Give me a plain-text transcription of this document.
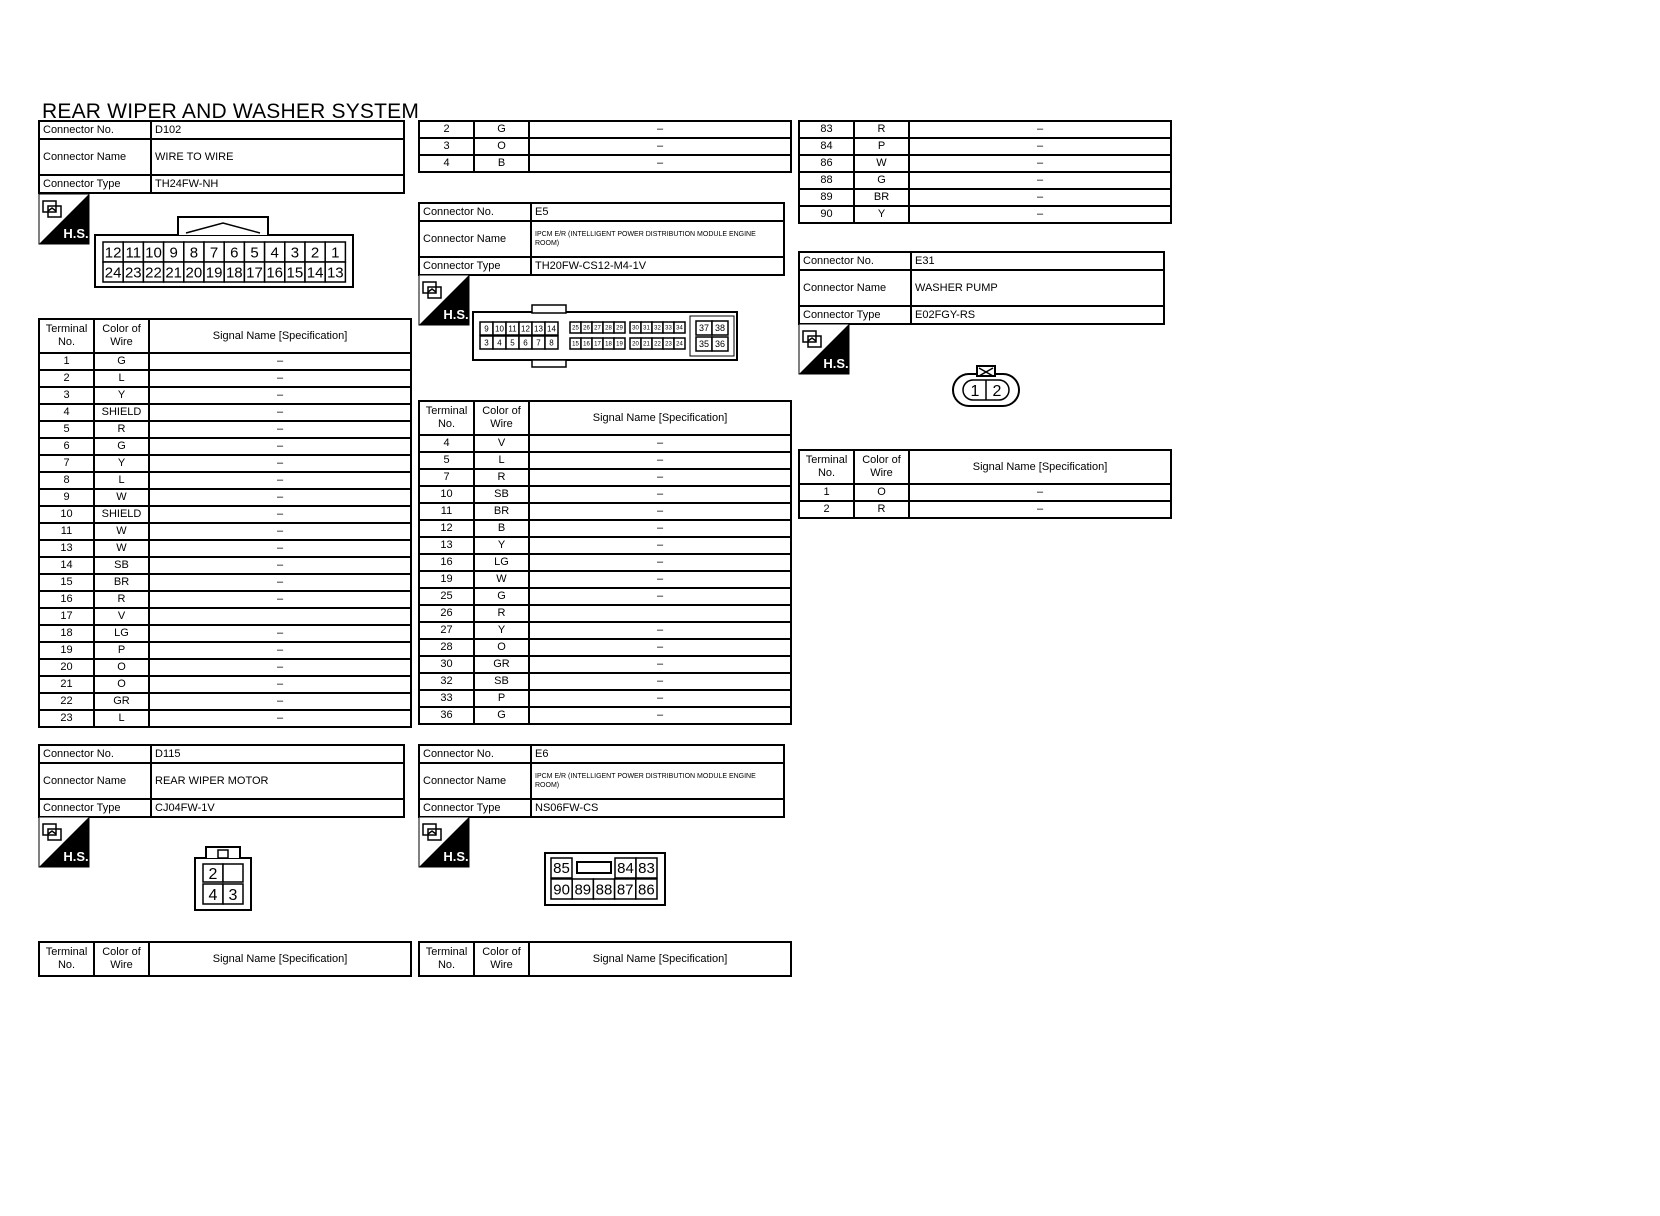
REAR WIPER AND WASHER SYSTEM
Connector No.	D102
Connector Name	WIRE TO WIRE
Connector Type	TH24FW-NH
H.S.
12 11 10 9 8 7 6 5 4 3 2 1
24 23 22 21 20 19 18 17 16 15 14 13
Terminal No.	Color of Wire	Signal Name [Specification]
1	G	–
2	L	–
3	Y	–
4	SHIELD	–
5	R	–
6	G	–
7	Y	–
8	L	–
9	W	–
10	SHIELD	–
11	W	–
13	W	–
14	SB	–
15	BR	–
16	R	–
17	V	
18	LG	–
19	P	–
20	O	–
21	O	–
22	GR	–
23	L	–
Connector No.	D115
Connector Name	REAR WIPER MOTOR
Connector Type	CJ04FW-1V
H.S.
2
4 3
Terminal No.	Color of Wire	Signal Name [Specification]
2	G	–
3	O	–
4	B	–
Connector No.	E5
Connector Name	IPCM E/R (INTELLIGENT POWER DISTRIBUTION MODULE ENGINE ROOM)
Connector Type	TH20FW-CS12-M4-1V
H.S.
9 10 11 12 13 14
3 4 5 6 7 8
25 26 27 28 29
15 16 17 18 19
30 31 32 33 34
20 21 22 23 24
37 38
35 36
Terminal No.	Color of Wire	Signal Name [Specification]
4	V	–
5	L	–
7	R	–
10	SB	–
11	BR	–
12	B	–
13	Y	–
16	LG	–
19	W	–
25	G	–
26	R	
27	Y	–
28	O	–
30	GR	–
32	SB	–
33	P	–
36	G	–
Connector No.	E6
Connector Name	IPCM E/R (INTELLIGENT POWER DISTRIBUTION MODULE ENGINE ROOM)
Connector Type	NS06FW-CS
H.S.
85	84 83
90 89 88 87 86
Terminal No.	Color of Wire	Signal Name [Specification]
83	R	–
84	P	–
86	W	–
88	G	–
89	BR	–
90	Y	–
Connector No.	E31
Connector Name	WASHER PUMP
Connector Type	E02FGY-RS
H.S.
1 2
Terminal No.	Color of Wire	Signal Name [Specification]
1	O	–
2	R	–
